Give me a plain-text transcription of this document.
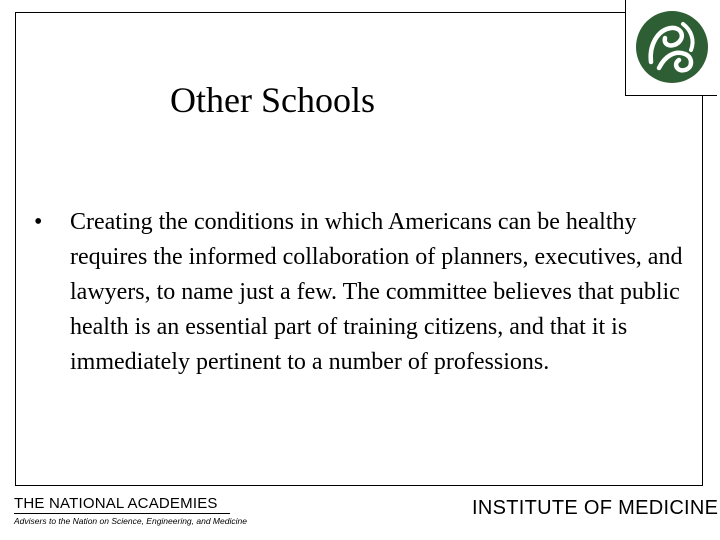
Other Schools
•	Creating the conditions in which Americans can be healthy requires the informed collaboration of planners, executives, and lawyers, to name just a few. The committee believes that public health is an essential part of training citizens, and that it is immediately pertinent to a number of professions.
THE NATIONAL ACADEMIES
Advisers to the Nation on Science, Engineering, and Medicine
INSTITUTE OF MEDICINE
